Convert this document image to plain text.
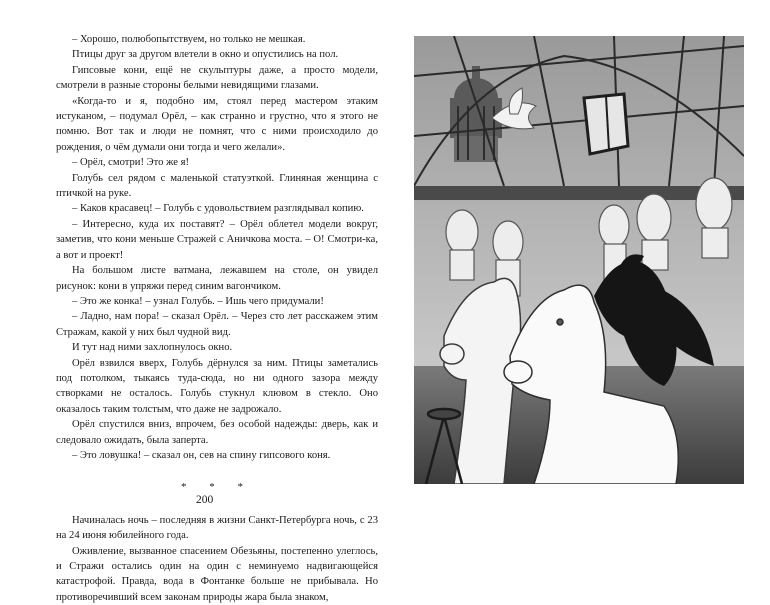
– Хорошо, полюбопытствуем, но только не мешкая.

Птицы друг за другом влетели в окно и опустились на пол.

Гипсовые кони, ещё не скульптуры даже, а просто модели, смотрели в разные стороны белыми невидящими глазами.

«Когда-то и я, подобно им, стоял перед мастером этаким истуканом, – подумал Орёл, – как странно и грустно, что я этого не помню. Вот так и люди не помнят, что с ними происходило до рождения, о чём думали они тогда и чего желали».

– Орёл, смотри! Это же я!

Голубь сел рядом с маленькой статуэткой. Глиняная женщина с птичкой на руке.

– Каков красавец! – Голубь с удовольствием разглядывал копию.

– Интересно, куда их поставят? – Орёл облетел модели вокруг, заметив, что кони меньше Стражей с Аничкова моста. – О! Смотри-ка, а вот и проект!

На большом листе ватмана, лежавшем на столе, он увидел рисунок: кони в упряжи перед синим вагончиком.

– Это же конка! – узнал Голубь. – Ишь чего придумали!

– Ладно, нам пора! – сказал Орёл. – Через сто лет расскажем этим Стражам, какой у них был чудной вид.

И тут над ними захлопнулось окно.

Орёл взвился вверх, Голубь дёрнулся за ним. Птицы заметались под потолком, тыкаясь туда-сюда, но ни одного зазора между створками не осталось. Голубь стукнул клювом в стекло. Оно оказалось таким толстым, что даже не задрожало.

Орёл спустился вниз, впрочем, без особой надежды: дверь, как и следовало ожидать, была заперта.

– Это ловушка! – сказал он, сев на спину гипсового коня.

* * *

Начиналась ночь – последняя в жизни Санкт-Петербурга ночь, с 23 на 24 июня юбилейного года.

Оживление, вызванное спасением Обезьяны, постепенно улеглось, и Стражи остались один на один с неминуемо надвигающейся катастрофой. Правда, вода в Фонтанке больше не прибывала. Но противоречивший всем законам природы жара была знаком,

200
